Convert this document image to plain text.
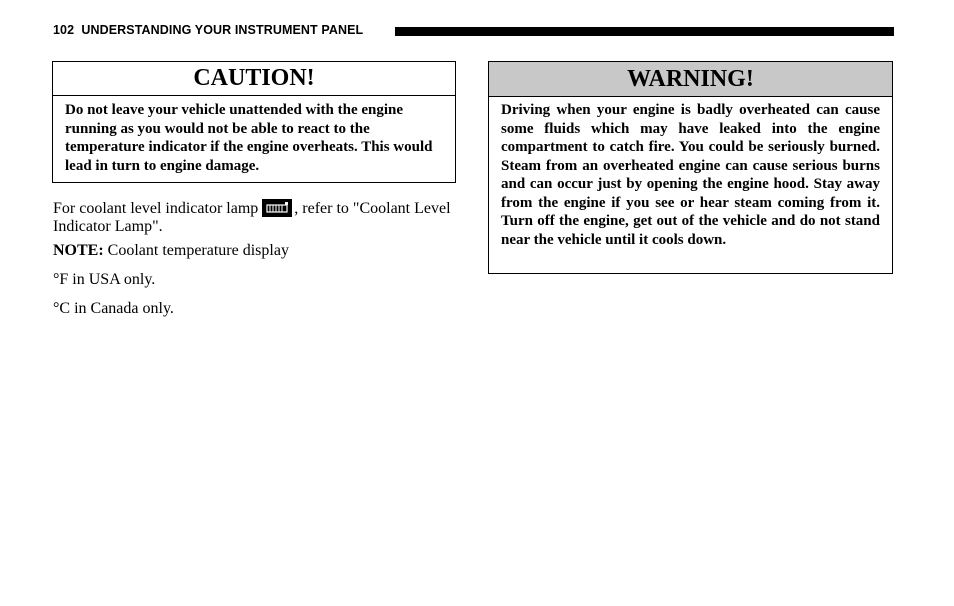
102 UNDERSTANDING YOUR INSTRUMENT PANEL
CAUTION!
Do not leave your vehicle unattended with the engine running as you would not be able to react to the temperature indicator if the engine overheats. This would lead in turn to engine damage.
WARNING!
Driving when your engine is badly overheated can cause some fluids which may have leaked into the engine compartment to catch fire. You could be seriously burned. Steam from an overheated engine can cause serious burns and can occur just by opening the engine hood. Stay away from the engine if you see or hear steam coming from it. Turn off the engine, get out of the vehicle and do not stand near the vehicle until it cools down.
For coolant level indicator lamp , refer to "Coolant Level Indicator Lamp".
NOTE: Coolant temperature display
°F in USA only.
°C in Canada only.
